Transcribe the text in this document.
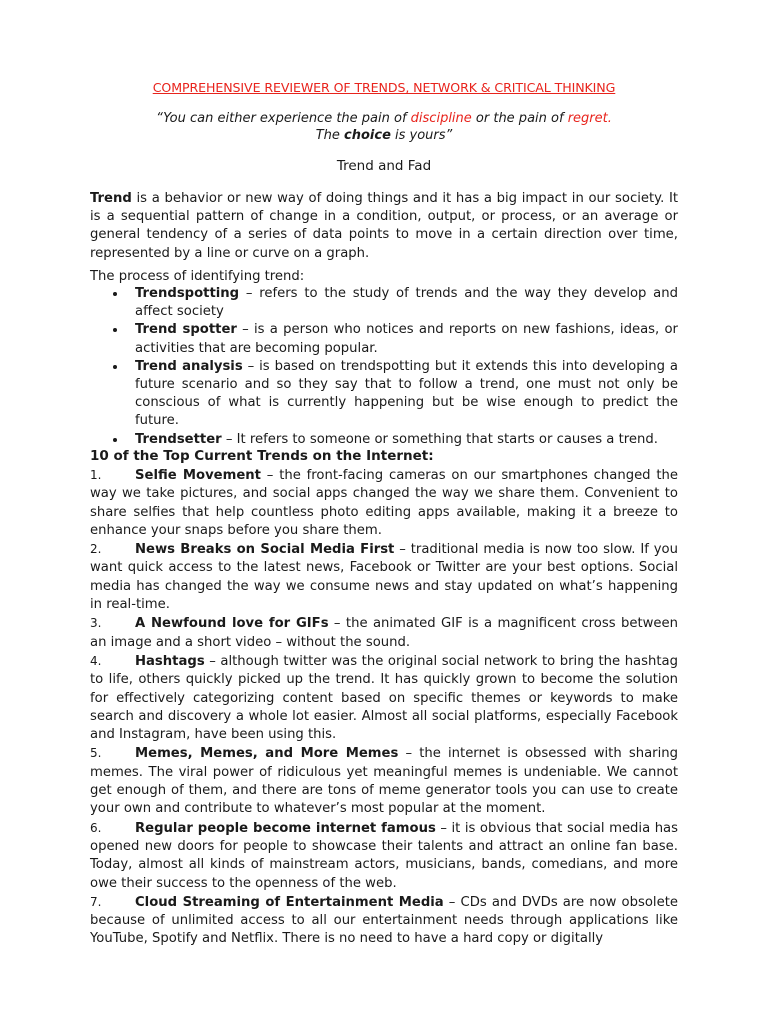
COMPREHENSIVE REVIEWER OF TRENDS, NETWORK & CRITICAL THINKING
“You can either experience the pain of discipline or the pain of regret.
The choice is yours”
Trend and Fad
Trend is a behavior or new way of doing things and it has a big impact in our society. It is a sequential pattern of change in a condition, output, or process, or an average or general tendency of a series of data points to move in a certain direction over time, represented by a line or curve on a graph.
The process of identifying trend:
Trendspotting – refers to the study of trends and the way they develop and affect society
Trend spotter – is a person who notices and reports on new fashions, ideas, or activities that are becoming popular.
Trend analysis – is based on trendspotting but it extends this into developing a future scenario and so they say that to follow a trend, one must not only be conscious of what is currently happening but be wise enough to predict the future.
Trendsetter – It refers to someone or something that starts or causes a trend.
10 of the Top Current Trends on the Internet:
1.	Selfie Movement – the front-facing cameras on our smartphones changed the way we take pictures, and social apps changed the way we share them. Convenient to share selfies that help countless photo editing apps available, making it a breeze to enhance your snaps before you share them.
2.	News Breaks on Social Media First – traditional media is now too slow. If you want quick access to the latest news, Facebook or Twitter are your best options. Social media has changed the way we consume news and stay updated on what’s happening in real-time.
3.	A Newfound love for GIFs – the animated GIF is a magnificent cross between an image and a short video – without the sound.
4.	Hashtags – although twitter was the original social network to bring the hashtag to life, others quickly picked up the trend. It has quickly grown to become the solution for effectively categorizing content based on specific themes or keywords to make search and discovery a whole lot easier. Almost all social platforms, especially Facebook and Instagram, have been using this.
5.	Memes, Memes, and More Memes – the internet is obsessed with sharing memes. The viral power of ridiculous yet meaningful memes is undeniable. We cannot get enough of them, and there are tons of meme generator tools you can use to create your own and contribute to whatever’s most popular at the moment.
6.	Regular people become internet famous – it is obvious that social media has opened new doors for people to showcase their talents and attract an online fan base. Today, almost all kinds of mainstream actors, musicians, bands, comedians, and more owe their success to the openness of the web.
7.	Cloud Streaming of Entertainment Media – CDs and DVDs are now obsolete because of unlimited access to all our entertainment needs through applications like YouTube, Spotify and Netflix. There is no need to have a hard copy or digitally
